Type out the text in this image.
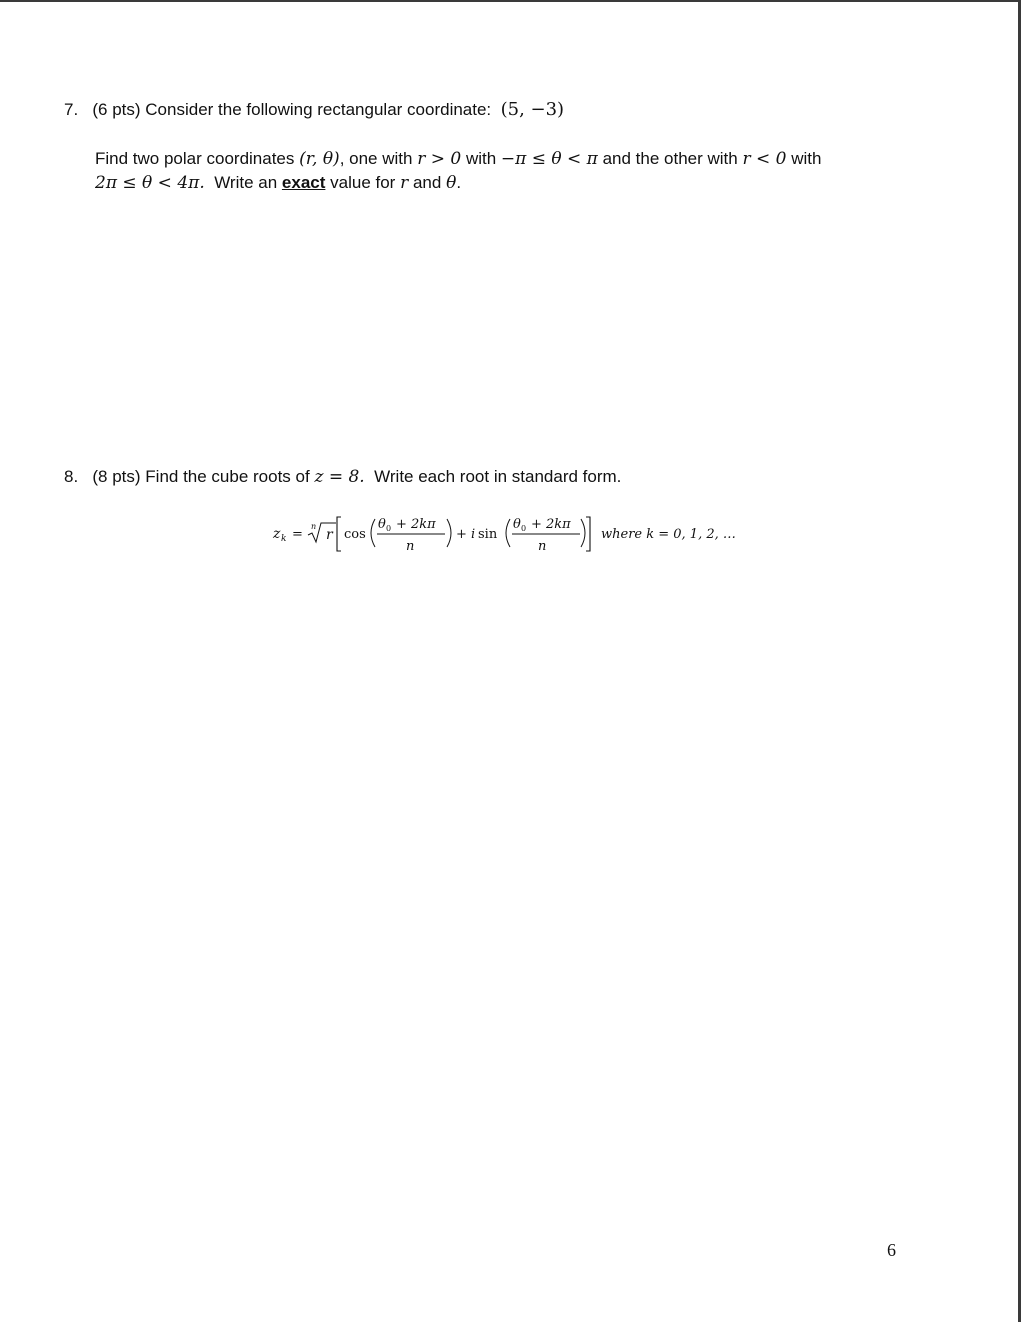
7. (6 pts) Consider the following rectangular coordinate: (5, −3)
Find two polar coordinates (r, θ), one with r > 0 with −π ≤ θ < π and the other with r < 0 with
2π ≤ θ < 4π. Write an exact value for r and θ.
8. (8 pts) Find the cube roots of z = 8. Write each root in standard form.
z k =
n
r cos
θ 0 + 2kπ
n
+ i sin
θ 0 + 2kπ
n
where k = 0, 1, 2, …
6
